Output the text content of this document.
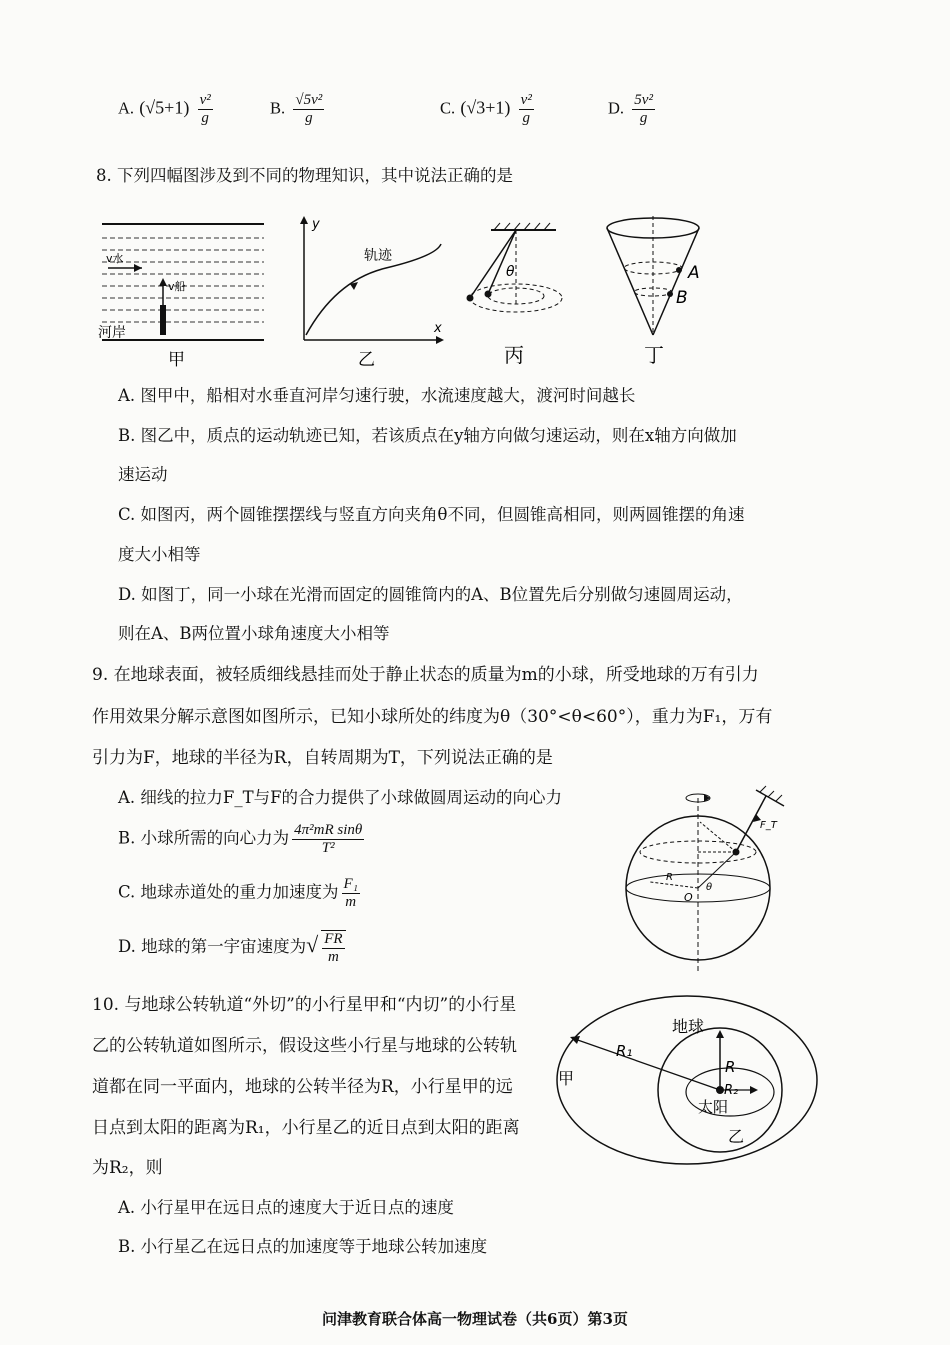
A. $(√5+1) \frac{\text{v²}}{g}$	B. $\frac{\text{√5v²}}{g}$	C. $(√3+1) \frac{\text{v²}}{g}$	D. $\frac{\text{5v²}}{g}$
8. 下列四幅图涉及到不同的物理知识，其中说法正确的是
v水
v船
河岸
甲
y
x
轨迹
乙
θ
丙
A
B
丁
A. 图甲中，船相对水垂直河岸匀速行驶，水流速度越大，渡河时间越长
B. 图乙中，质点的运动轨迹已知，若该质点在y轴方向做匀速运动，则在x轴方向做加
速运动
C. 如图丙，两个圆锥摆摆线与竖直方向夹角θ不同，但圆锥高相同，则两圆锥摆的角速
度大小相等
D. 如图丁，同一小球在光滑而固定的圆锥筒内的A、B位置先后分别做匀速圆周运动，
则在A、B两位置小球角速度大小相等
9. 在地球表面，被轻质细线悬挂而处于静止状态的质量为m的小球，所受地球的万有引力
作用效果分解示意图如图所示，已知小球所处的纬度为θ（30°<θ<60°），重力为F₁，万有
引力为F，地球的半径为R，自转周期为T，下列说法正确的是
A. 细线的拉力F_T与F的合力提供了小球做圆周运动的向心力
B. 小球所需的向心力为 $\frac{\text{4π²mR sinθ}}{\text{T²}}$
C. 地球赤道处的重力加速度为 $\frac{\text{F₁}}{m}$
D. 地球的第一宇宙速度为√ $\frac{FR}{m}$
F_T
R
O
θ
10. 与地球公转轨道“外切”的小行星甲和“内切”的小行星
乙的公转轨道如图所示，假设这些小行星与地球的公转轨
道都在同一平面内，地球的公转半径为R，小行星甲的远
日点到太阳的距离为R₁，小行星乙的近日点到太阳的距离
为R₂，则
A. 小行星甲在远日点的速度大于近日点的速度
B. 小行星乙在远日点的加速度等于地球公转加速度
地球
甲
乙
太阳
R
R₁
R₂
问津教育联合体高一物理试卷（共6页）第3页
